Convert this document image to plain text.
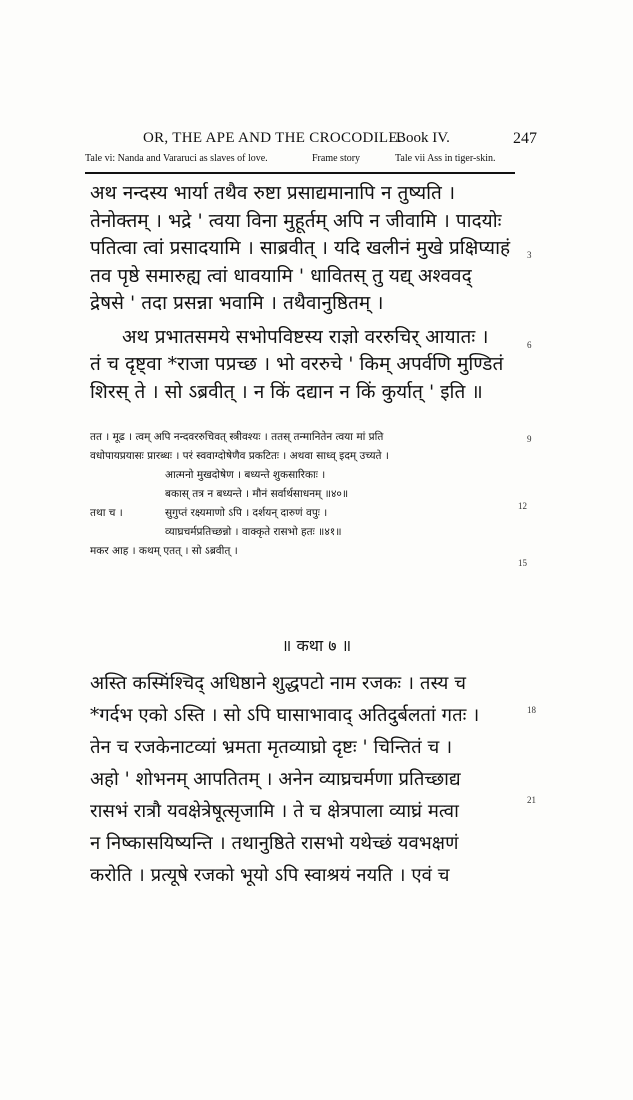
OR, THE APE AND THE CROCODILE.
Book IV.	247
Tale vi: Nanda and Vararuci as slaves of love.	Frame story	Tale vii Ass in tiger-skin.
अथ नन्दस्य भार्या तथैव रुष्टा प्रसाद्यमानापि न तुष्यति ।
तेनोक्तम् । भद्रे ' त्वया विना मुहूर्तम् अपि न जीवामि । पादयोः
पतित्वा त्वां प्रसादयामि । साब्रवीत् । यदि खलीनं मुखे प्रक्षिप्याहं
तव पृष्ठे समारुह्य त्वां धावयामि ' धावितस् तु यद्य् अश्ववद्
द्रेषसे ' तदा प्रसन्ना भवामि । तथैवानुष्ठितम् ।
अथ प्रभातसमये सभोपविष्टस्य राज्ञो वररुचिर् आयातः ।
तं च दृष्ट्वा *राजा पप्रच्छ । भो वररुचे ' किम् अपर्वणि मुण्डितं
शिरस् ते । सो ऽब्रवीत् । न किं दद्यान न किं कुर्यात् ' इति ॥
3
6
तत । मूढ । त्वम् अपि नन्दवररुचिवत् स्त्रीवश्यः । ततस् तन्मानितेन त्वया मां प्रति
वधोपायप्रयासः प्रारब्धः । परं स्ववाग्दोषेणैव प्रकटितः । अथवा साध्व् इदम् उच्यते ।
आत्मनो मुखदोषेण । बध्यन्ते शुकसारिकाः ।
बकास् तत्र न बध्यन्ते । मौनं सर्वार्थसाधनम् ॥४०॥
तथा च ।	सुगुप्तं रक्ष्यमाणो ऽपि । दर्शयन् दारुणं वपुः ।
व्याघ्रचर्मप्रतिच्छन्नो । वाक्कृते रासभो हतः ॥४१॥
मकर आह । कथम् एतत् । सो ऽब्रवीत् ।
9
12
15
॥ कथा ७ ॥
अस्ति कस्मिंश्चिद् अधिष्ठाने शुद्धपटो नाम रजकः । तस्य च
*गर्दभ एको ऽस्ति । सो ऽपि घासाभावाद् अतिदुर्बलतां गतः ।
तेन च रजकेनाटव्यां भ्रमता मृतव्याघ्रो दृष्टः ' चिन्तितं च ।
अहो ' शोभनम् आपतितम् । अनेन व्याघ्रचर्मणा प्रतिच्छाद्य
रासभं रात्रौ यवक्षेत्रेषूत्सृजामि । ते च क्षेत्रपाला व्याघ्रं मत्वा
न निष्कासयिष्यन्ति । तथानुष्ठिते रासभो यथेच्छं यवभक्षणं
करोति । प्रत्यूषे रजको भूयो ऽपि स्वाश्रयं नयति । एवं च
18
21
